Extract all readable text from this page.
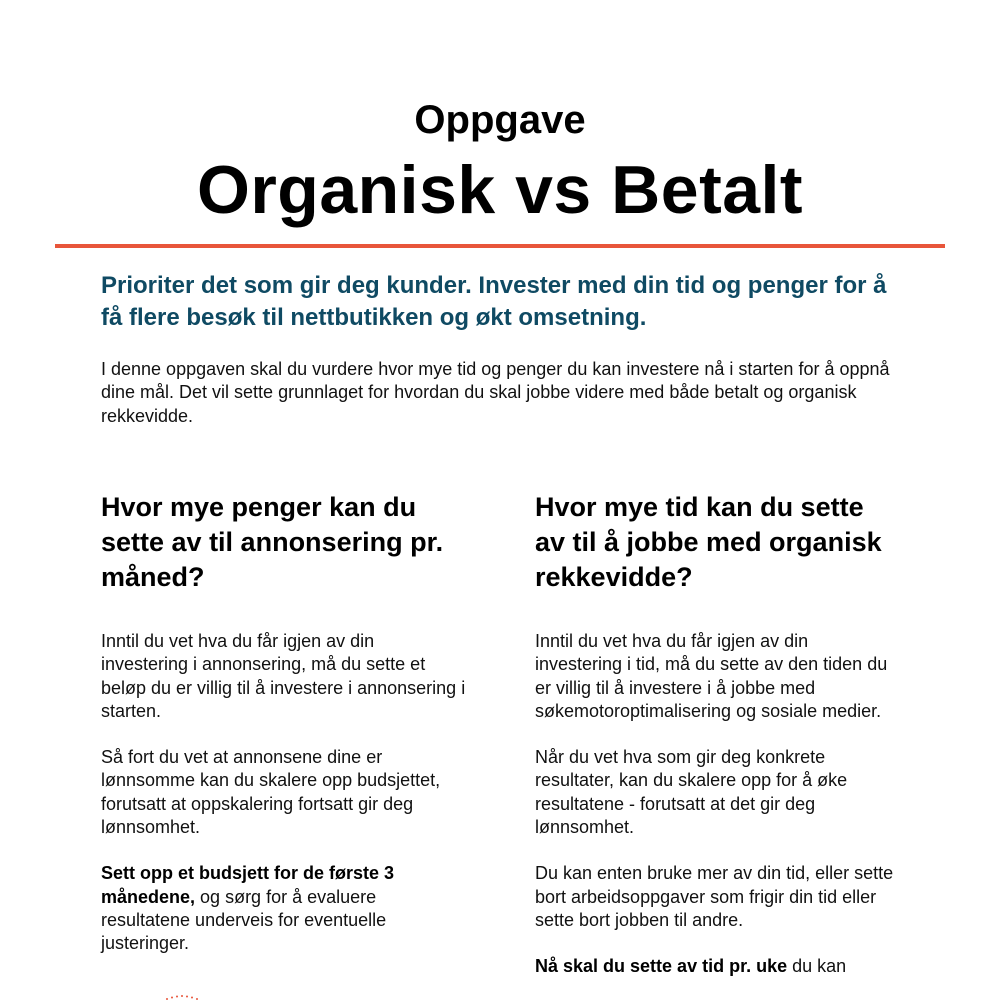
Oppgave
Organisk vs Betalt
Prioriter det som gir deg kunder. Invester med din tid og penger for å få flere besøk til nettbutikken og økt omsetning.
I denne oppgaven skal du vurdere hvor mye tid og penger du kan investere nå i starten for å oppnå dine mål. Det vil sette grunnlaget for hvordan du skal jobbe videre med både betalt og organisk rekkevidde.
Hvor mye penger kan du sette av til annonsering pr. måned?

Inntil du vet hva du får igjen av din investering i annonsering, må du sette et beløp du er villig til å investere i annonsering i starten.

Så fort du vet at annonsene dine er lønnsomme kan du skalere opp budsjettet, forutsatt at oppskalering fortsatt gir deg lønnsomhet.

Sett opp et budsjett for de første 3 månedene, og sørg for å evaluere resultatene underveis for eventuelle justeringer.

Hvor mye tid kan du sette av til å jobbe med organisk rekkevidde?

Inntil du vet hva du får igjen av din investering i tid, må du sette av den tiden du er villig til å investere i å jobbe med søkemotoroptimalisering og sosiale medier.

Når du vet hva som gir deg konkrete resultater, kan du skalere opp for å øke resultatene - forutsatt at det gir deg lønnsomhet.

Du kan enten bruke mer av din tid, eller sette bort arbeidsoppgaver som frigir din tid eller sette bort jobben til andre.

Nå skal du sette av tid pr. uke du kan
